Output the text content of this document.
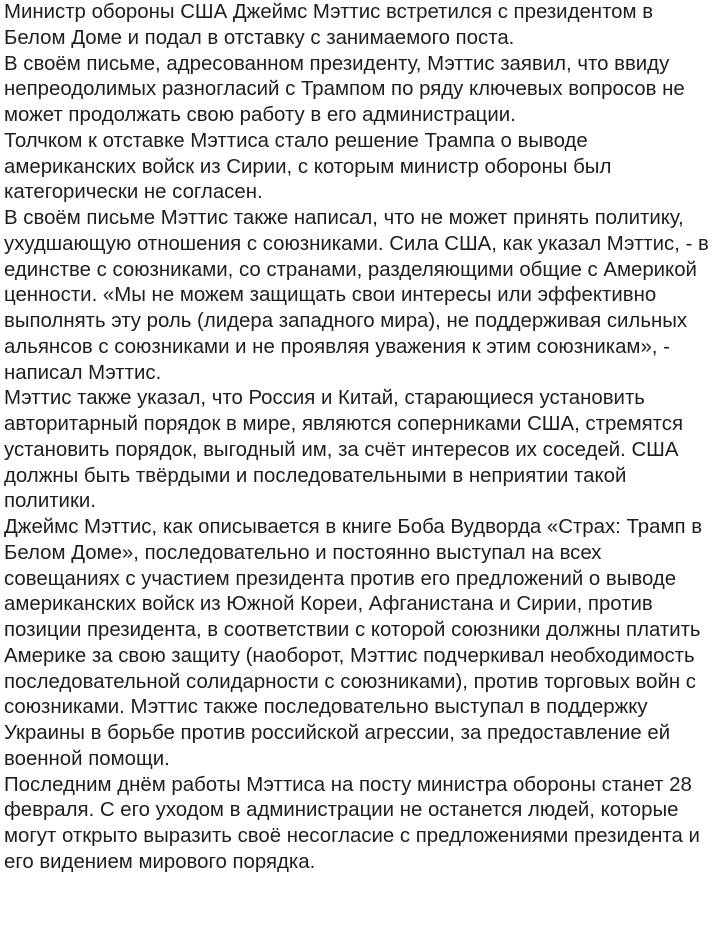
Министр обороны США Джеймс Мэттис встретился с президентом в
Белом Доме и подал в отставку с занимаемого поста.
В своём письме, адресованном президенту, Мэттис заявил, что ввиду
непреодолимых разногласий с Трампом по ряду ключевых вопросов не
может продолжать свою работу в его администрации.
Толчком к отставке Мэттиса стало решение Трампа о выводе
американских войск из Сирии, с которым министр обороны был
категорически не согласен.
В своём письме Мэттис также написал, что не может принять политику,
ухудшающую отношения с союзниками. Сила США, как указал Мэттис, - в
единстве с союзниками, со странами, разделяющими общие с Америкой
ценности. «Мы не можем защищать свои интересы или эффективно
выполнять эту роль (лидера западного мира), не поддерживая сильных
альянсов с союзниками и не проявляя уважения к этим союзникам», -
написал Мэттис.
Мэттис также указал, что Россия и Китай, старающиеся установить
авторитарный порядок в мире, являются соперниками США, стремятся
установить порядок, выгодный им, за счёт интересов их соседей. США
должны быть твёрдыми и последовательными в неприятии такой
политики.
Джеймс Мэттис, как описывается в книге Боба Вудворда «Страх: Трамп в
Белом Доме», последовательно и постоянно выступал на всех
совещаниях с участием президента против его предложений о выводе
американских войск из Южной Кореи, Афганистана и Сирии, против
позиции президента, в соответствии с которой союзники должны платить
Америке за свою защиту (наоборот, Мэттис подчеркивал необходимость
последовательной солидарности с союзниками), против торговых войн с
союзниками. Мэттис также последовательно выступал в поддержку
Украины в борьбе против российской агрессии, за предоставление ей
военной помощи.
Последним днём работы Мэттиса на посту министра обороны станет 28
февраля. С его уходом в администрации не останется людей, которые
могут открыто выразить своё несогласие с предложениями президента и
его видением мирового порядка.
